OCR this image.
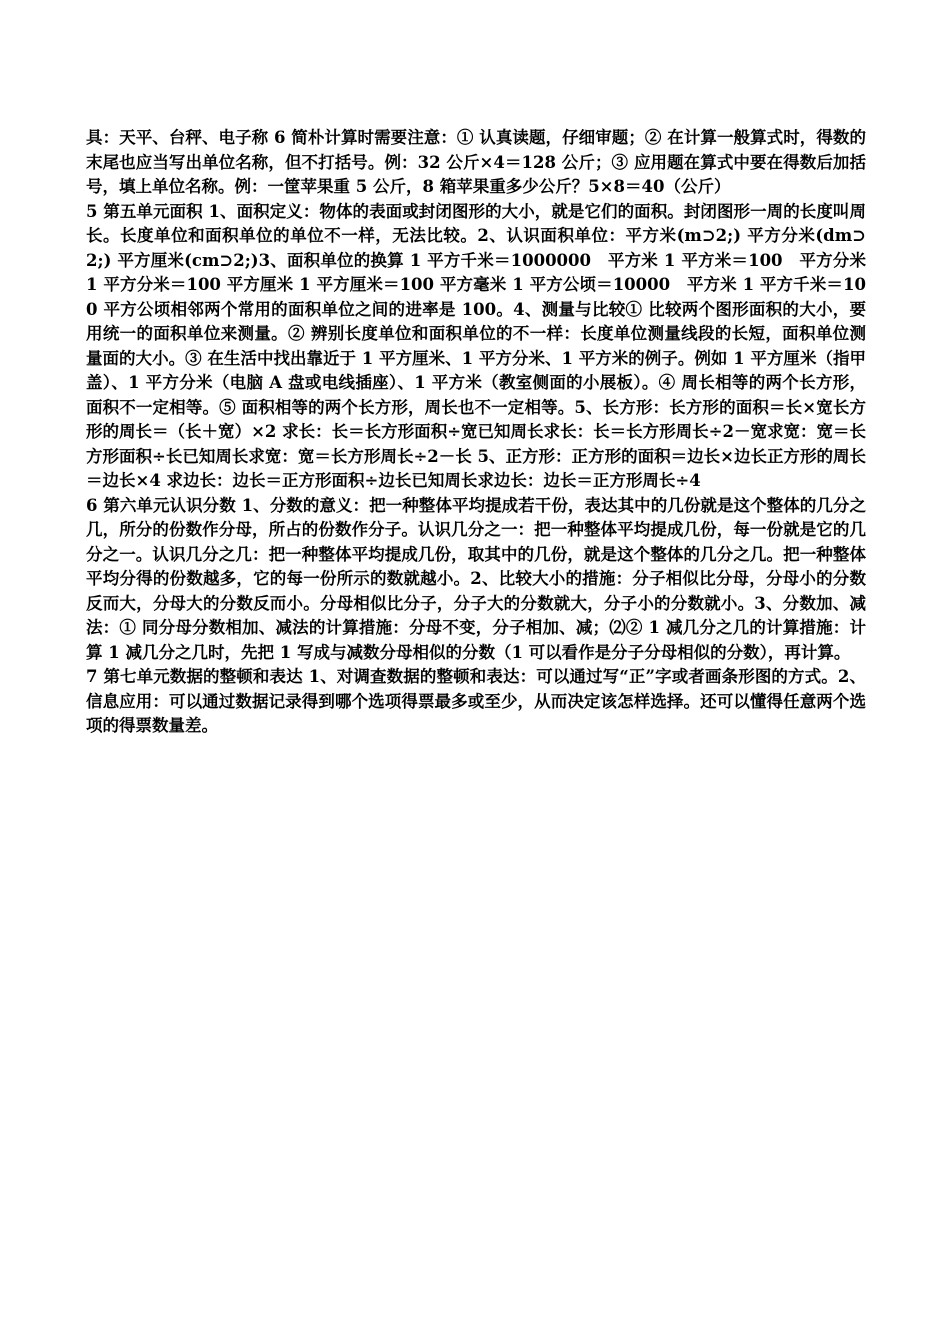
具：天平、台秤、电子称 6 简朴计算时需要注意：① 认真读题，仔细审题；② 在计算一般算式时，得数的末尾也应当写出单位名称，但不打括号。例：32 公斤×4＝128 公斤；③ 应用题在算式中要在得数后加括号，填上单位名称。例：一筐苹果重 5 公斤，8 箱苹果重多少公斤？5×8＝40（公斤）

5 第五单元面积 1、面积定义：物体的表面或封闭图形的大小，就是它们的面积。封闭图形一周的长度叫周长。长度单位和面积单位的单位不一样，无法比较。2、认识面积单位：平方米(m⊃2;) 平方分米(dm⊃2;) 平方厘米(cm⊃2;)3、面积单位的换算 1 平方千米＝1000000　平方米 1 平方米＝100　平方分米 1 平方分米＝100 平方厘米 1 平方厘米＝100 平方毫米 1 平方公顷＝10000　平方米 1 平方千米＝100 平方公顷相邻两个常用的面积单位之间的进率是 100。4、测量与比较① 比较两个图形面积的大小，要用统一的面积单位来测量。② 辨别长度单位和面积单位的不一样：长度单位测量线段的长短，面积单位测量面的大小。③ 在生活中找出靠近于 1 平方厘米、1 平方分米、1 平方米的例子。例如 1 平方厘米（指甲盖）、1 平方分米（电脑 A 盘或电线插座）、1 平方米（教室侧面的小展板）。④ 周长相等的两个长方形，面积不一定相等。⑤ 面积相等的两个长方形，周长也不一定相等。5、长方形：长方形的面积＝长×宽长方形的周长＝（长＋宽）×2 求长：长＝长方形面积÷宽已知周长求长：长＝长方形周长÷2－宽求宽：宽＝长方形面积÷长已知周长求宽：宽＝长方形周长÷2－长 5、正方形：正方形的面积＝边长×边长正方形的周长＝边长×4 求边长：边长＝正方形面积÷边长已知周长求边长：边长＝正方形周长÷4

6 第六单元认识分数 1、分数的意义：把一种整体平均提成若干份，表达其中的几份就是这个整体的几分之几，所分的份数作分母，所占的份数作分子。认识几分之一：把一种整体平均提成几份，每一份就是它的几分之一。认识几分之几：把一种整体平均提成几份，取其中的几份，就是这个整体的几分之几。把一种整体平均分得的份数越多，它的每一份所示的数就越小。2、比较大小的措施：分子相似比分母，分母小的分数反而大，分母大的分数反而小。分母相似比分子，分子大的分数就大，分子小的分数就小。3、分数加、减法：① 同分母分数相加、减法的计算措施：分母不变，分子相加、减；⑵② 1 减几分之几的计算措施：计算 1 减几分之几时，先把 1 写成与减数分母相似的分数（1 可以看作是分子分母相似的分数），再计算。

7 第七单元数据的整顿和表达 1、对调查数据的整顿和表达：可以通过写“正”字或者画条形图的方式。2、信息应用：可以通过数据记录得到哪个选项得票最多或至少，从而决定该怎样选择。还可以懂得任意两个选项的得票数量差。
